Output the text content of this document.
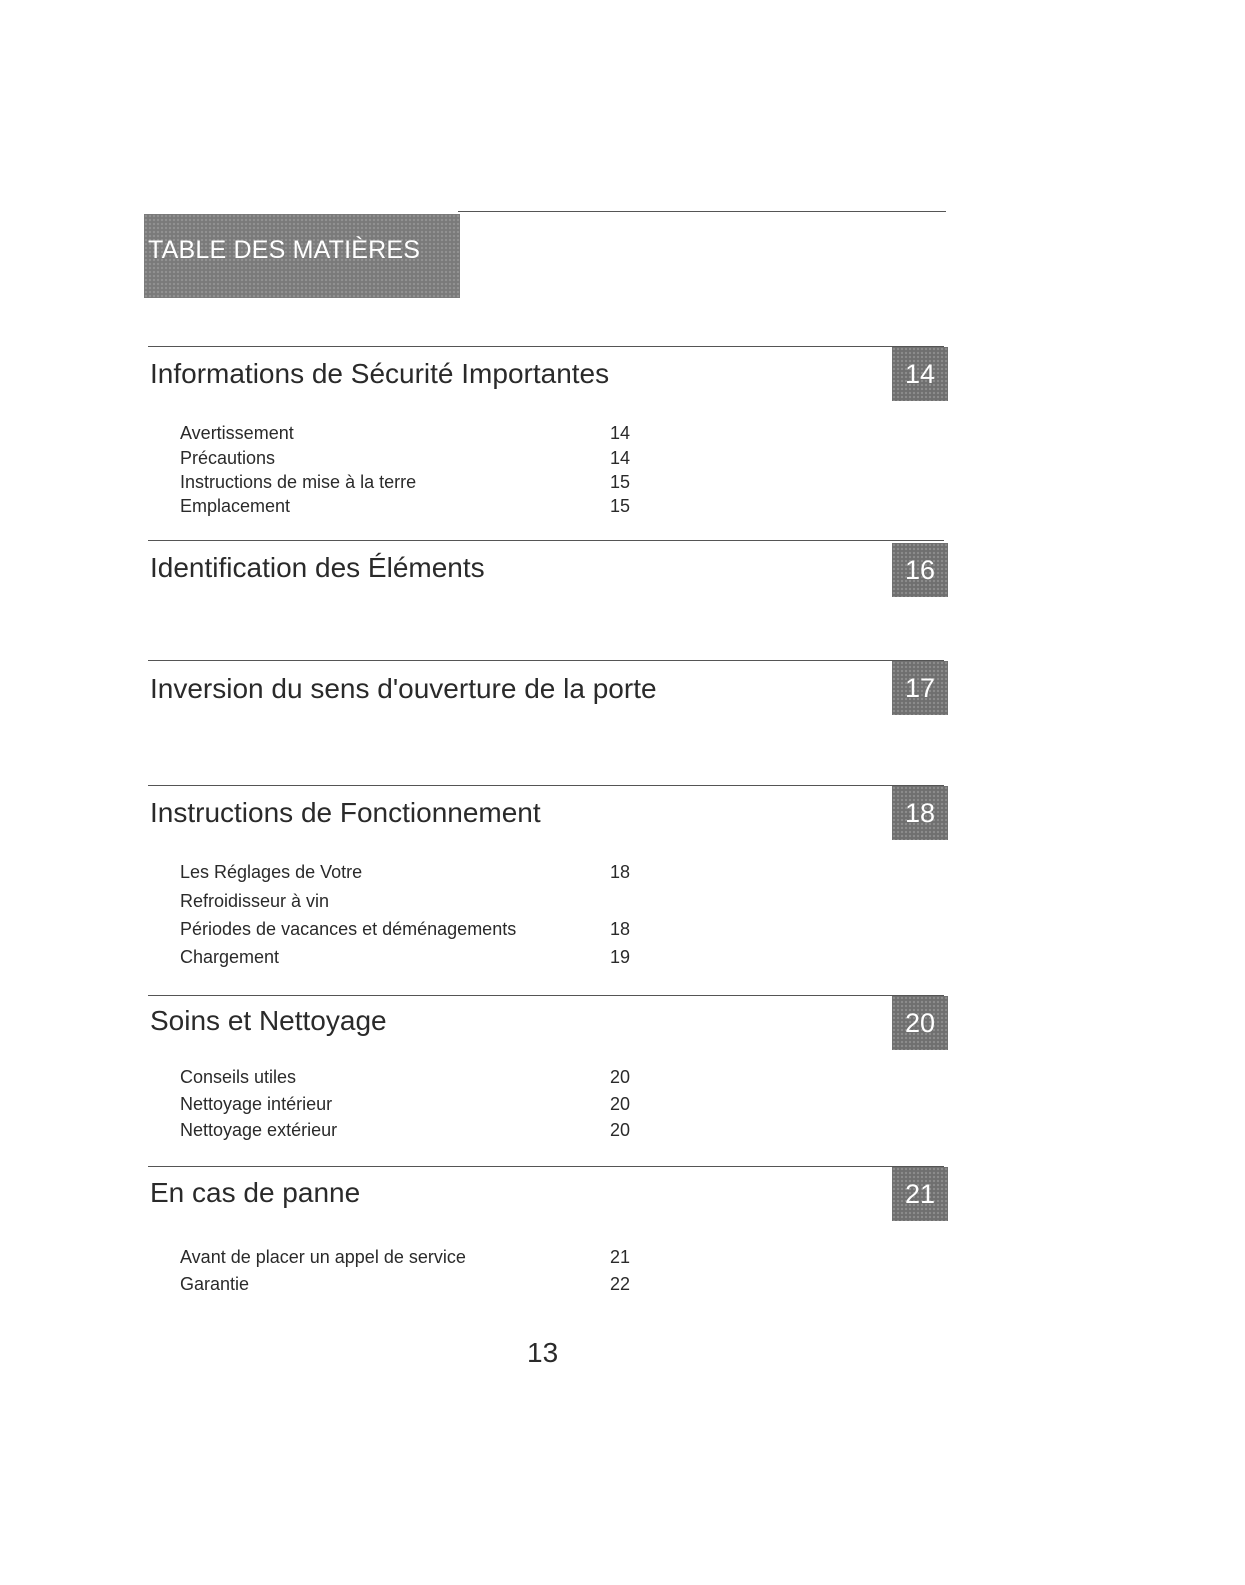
TABLE DES MATIÈRES
Informations de Sécurité Importantes	14
Avertissement	14
Précautions	14
Instructions de mise à la terre	15
Emplacement	15
Identification des Éléments	16
Inversion du sens d'ouverture de la porte	17
Instructions de Fonctionnement	18
Les Réglages de Votre	18
Refroidisseur à vin
Périodes de vacances et déménagements	18
Chargement	19
Soins et Nettoyage	20
Conseils utiles	20
Nettoyage intérieur	20
Nettoyage extérieur	20
En cas de panne	21
Avant de placer un appel de service	21
Garantie	22
13
